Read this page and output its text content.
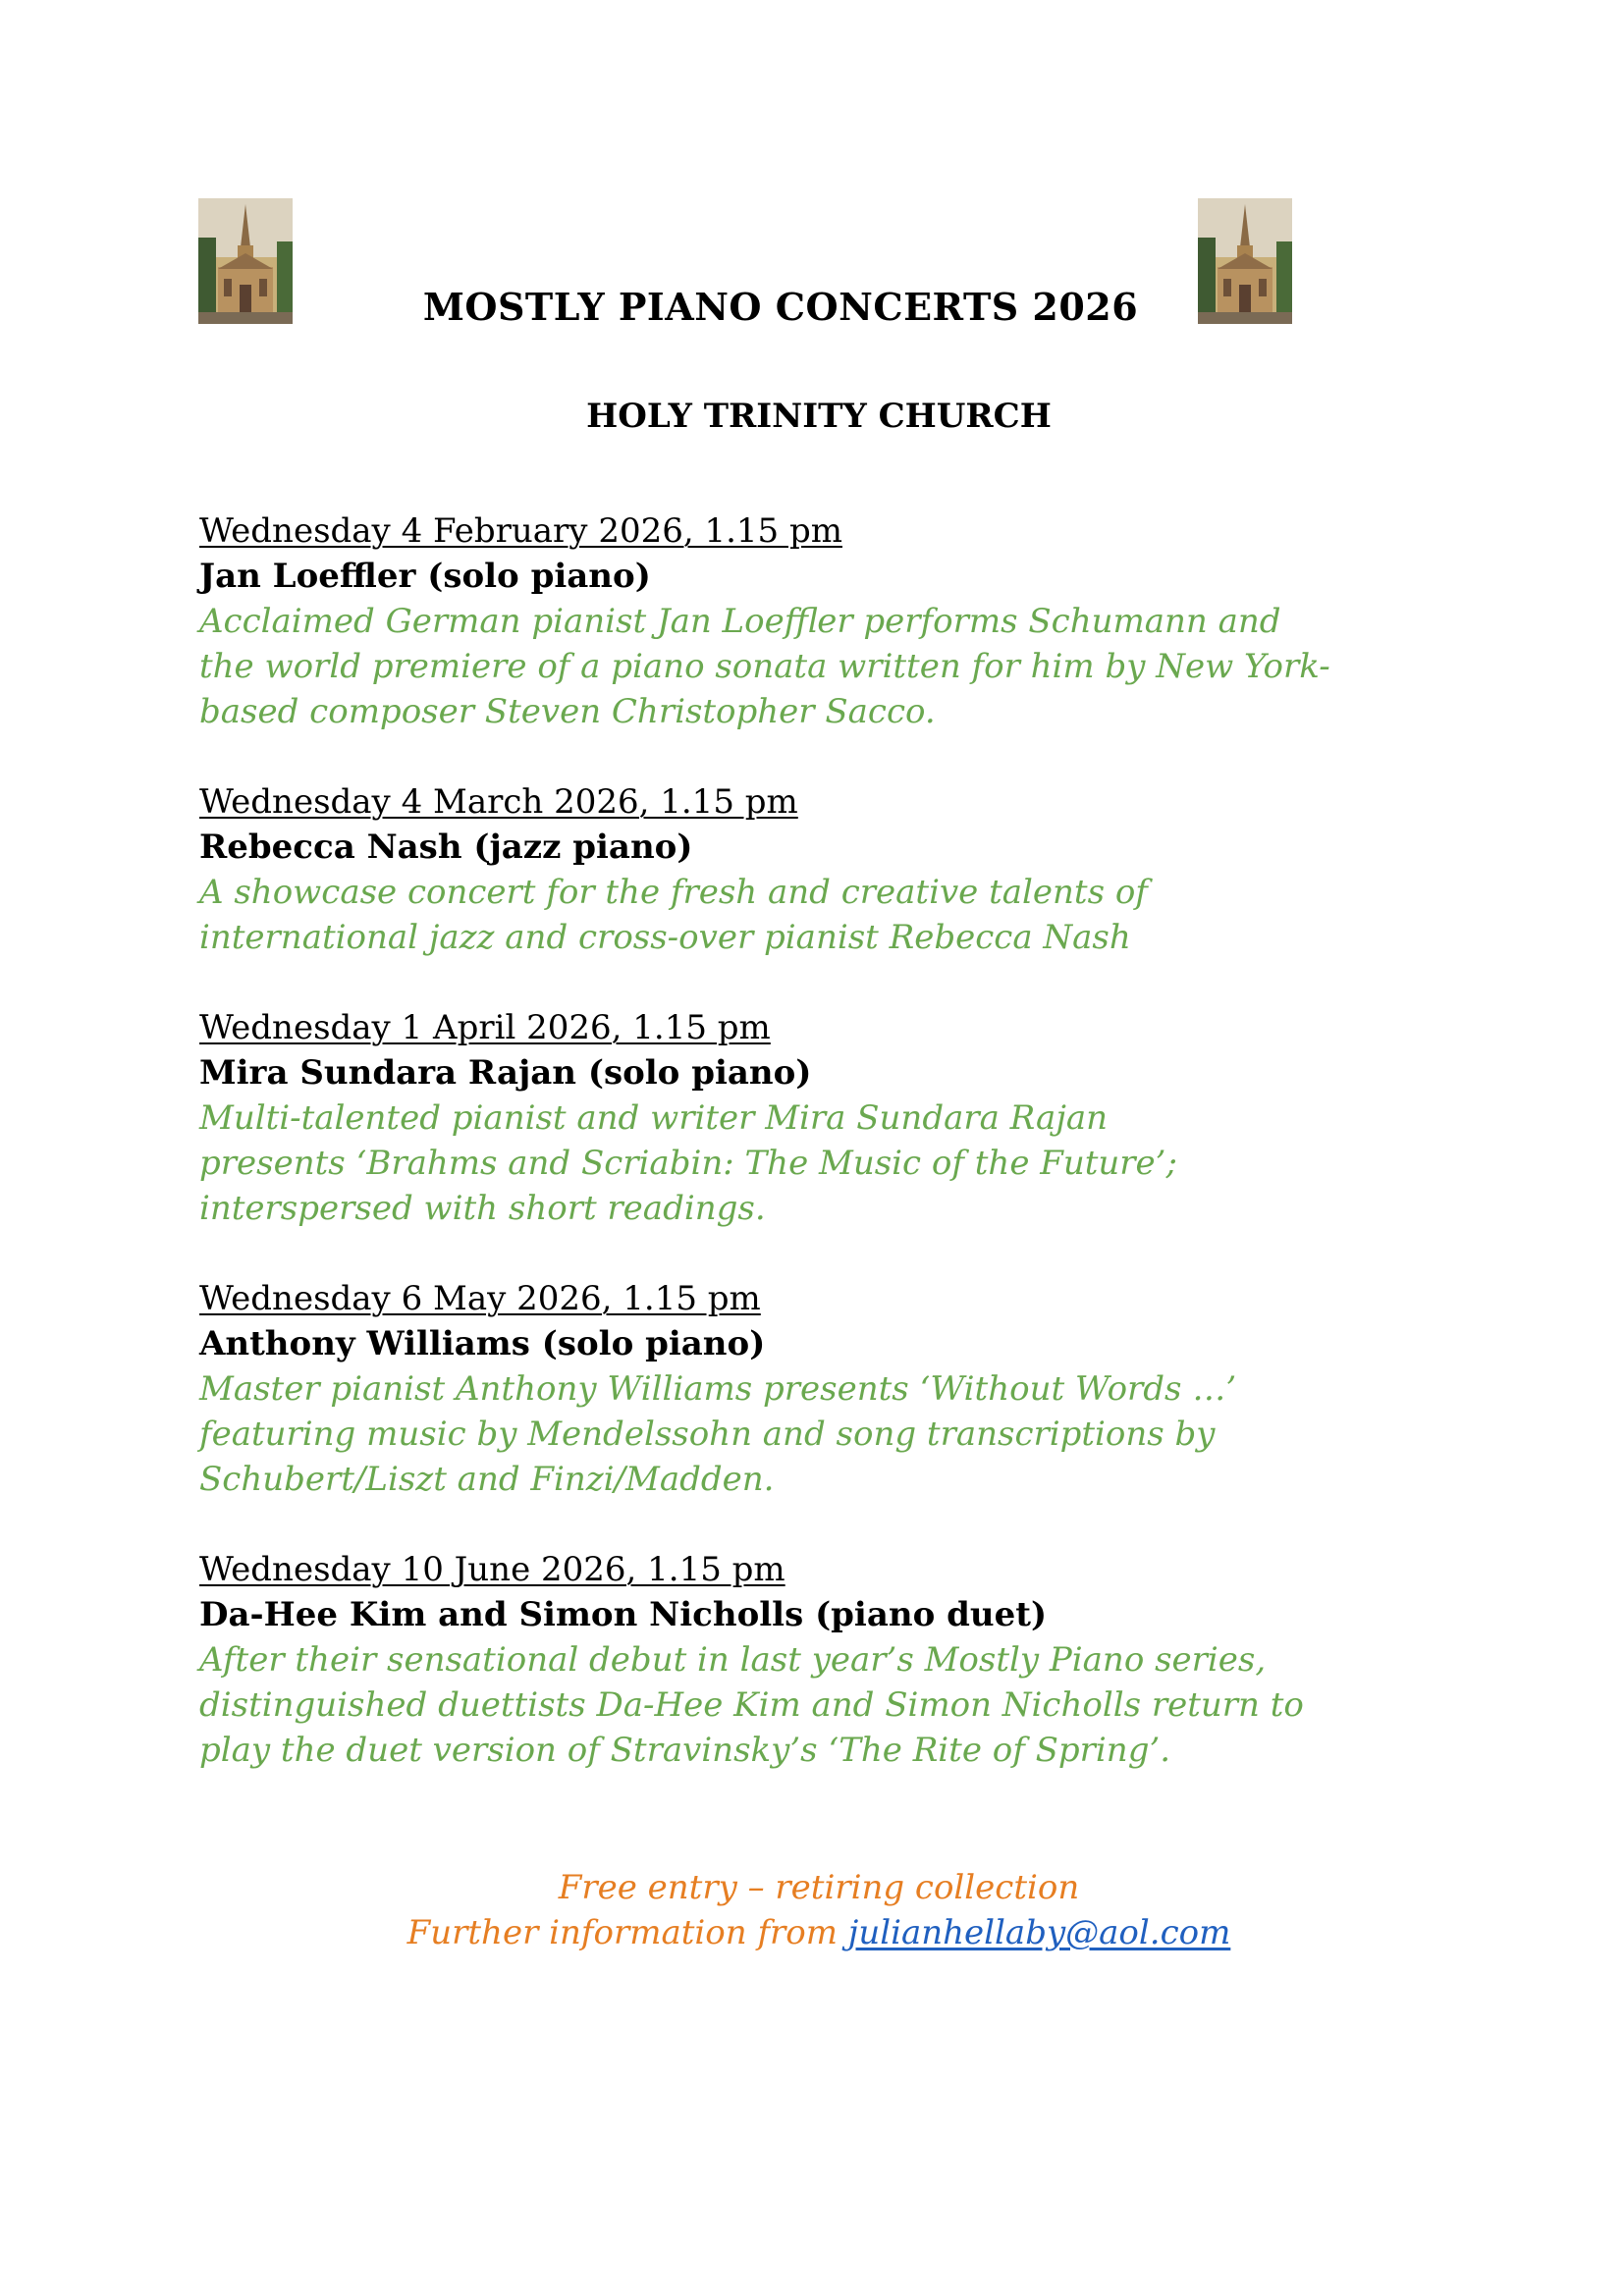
MOSTLY PIANO CONCERTS 2026
HOLY TRINITY CHURCH
Wednesday 4 February 2026, 1.15 pm
Jan Loeffler (solo piano)
Acclaimed German pianist Jan Loeffler performs Schumann and
the world premiere of a piano sonata written for him by New York-
based composer Steven Christopher Sacco.
Wednesday 4 March 2026, 1.15 pm
Rebecca Nash (jazz piano)
A showcase concert for the fresh and creative talents of
international jazz and cross-over pianist Rebecca Nash
Wednesday 1 April 2026, 1.15 pm
Mira Sundara Rajan (solo piano)
Multi-talented pianist and writer Mira Sundara Rajan
presents ‘Brahms and Scriabin: The Music of the Future’;
interspersed with short readings.
Wednesday 6 May 2026, 1.15 pm
Anthony Williams (solo piano)
Master pianist Anthony Williams presents ‘Without Words …’
featuring music by Mendelssohn and song transcriptions by
Schubert/Liszt and Finzi/Madden.
Wednesday 10 June 2026, 1.15 pm
Da-Hee Kim and Simon Nicholls (piano duet)
After their sensational debut in last year’s Mostly Piano series,
distinguished duettists Da-Hee Kim and Simon Nicholls return to
play the duet version of Stravinsky’s ‘The Rite of Spring’.
Free entry – retiring collection
Further information from julianhellaby@aol.com
